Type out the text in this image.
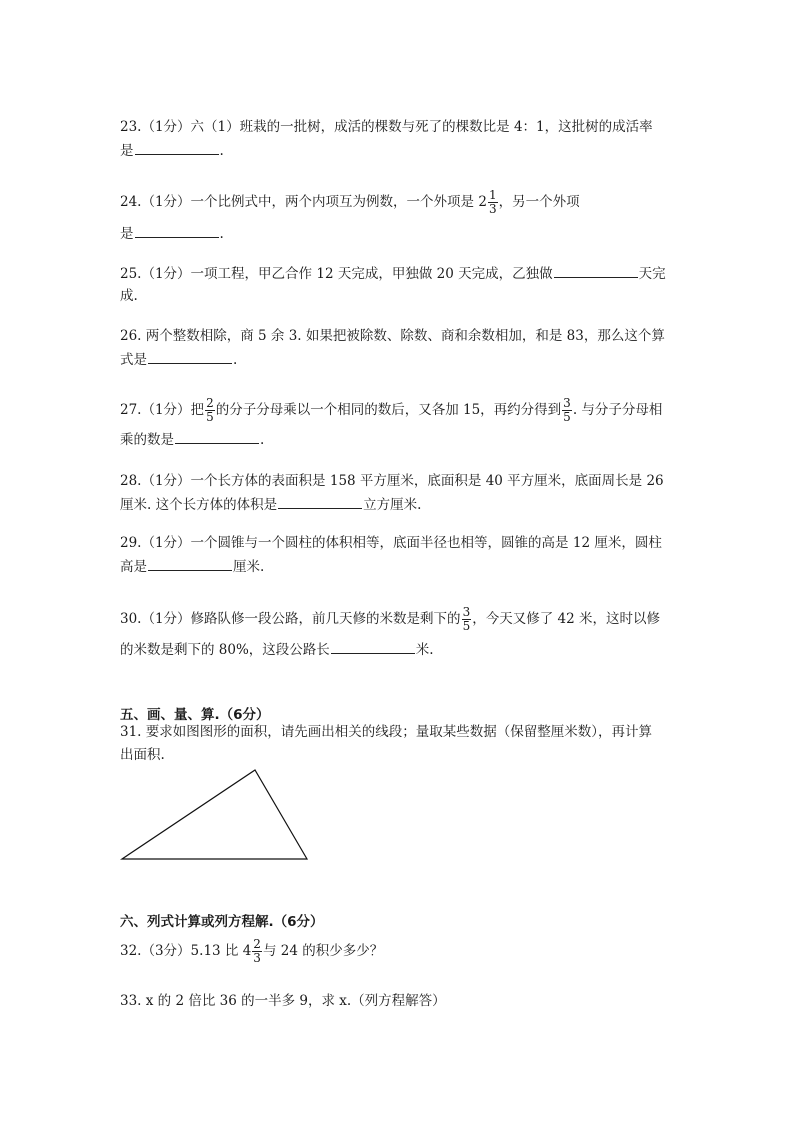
23.（1分）六（1）班栽的一批树，成活的棵数与死了的棵数比是 4：1，这批树的成活率
是	.
24.（1分）一个比例式中，两个内项互为例数，一个外项是 $2 \frac{1}{3}$ ，另一个外项
是	.
25.（1分）一项工程，甲乙合作 12 天完成，甲独做 20 天完成，乙独做	天完
成.
26. 两个整数相除，商 5 余 3. 如果把被除数、除数、商和余数相加，和是 83，那么这个算
式是	.
27.（1分）把 $\frac{2}{5}$ 的分子分母乘以一个相同的数后，又各加 15，再约分得到 $\frac{3}{5}$ . 与分子分母相
乘的数是	.
28.（1分）一个长方体的表面积是 158 平方厘米，底面积是 40 平方厘米，底面周长是 26
厘米. 这个长方体的体积是	立方厘米.
29.（1分）一个圆锥与一个圆柱的体积相等，底面半径也相等，圆锥的高是 12 厘米，圆柱
高是	厘米.
30.（1分）修路队修一段公路，前几天修的米数是剩下的 $\frac{3}{5}$ ，今天又修了 42 米，这时以修
的米数是剩下的 80%，这段公路长	米.
五、画、量、算.（6分）
31. 要求如图图形的面积，请先画出相关的线段；量取某些数据（保留整厘米数），再计算
出面积.
六、列式计算或列方程解.（6分）
32.（3分）5.13 比 $4 \frac{2}{3}$ 与 24 的积少多少？
33. x 的 2 倍比 36 的一半多 9，求 x.（列方程解答）
